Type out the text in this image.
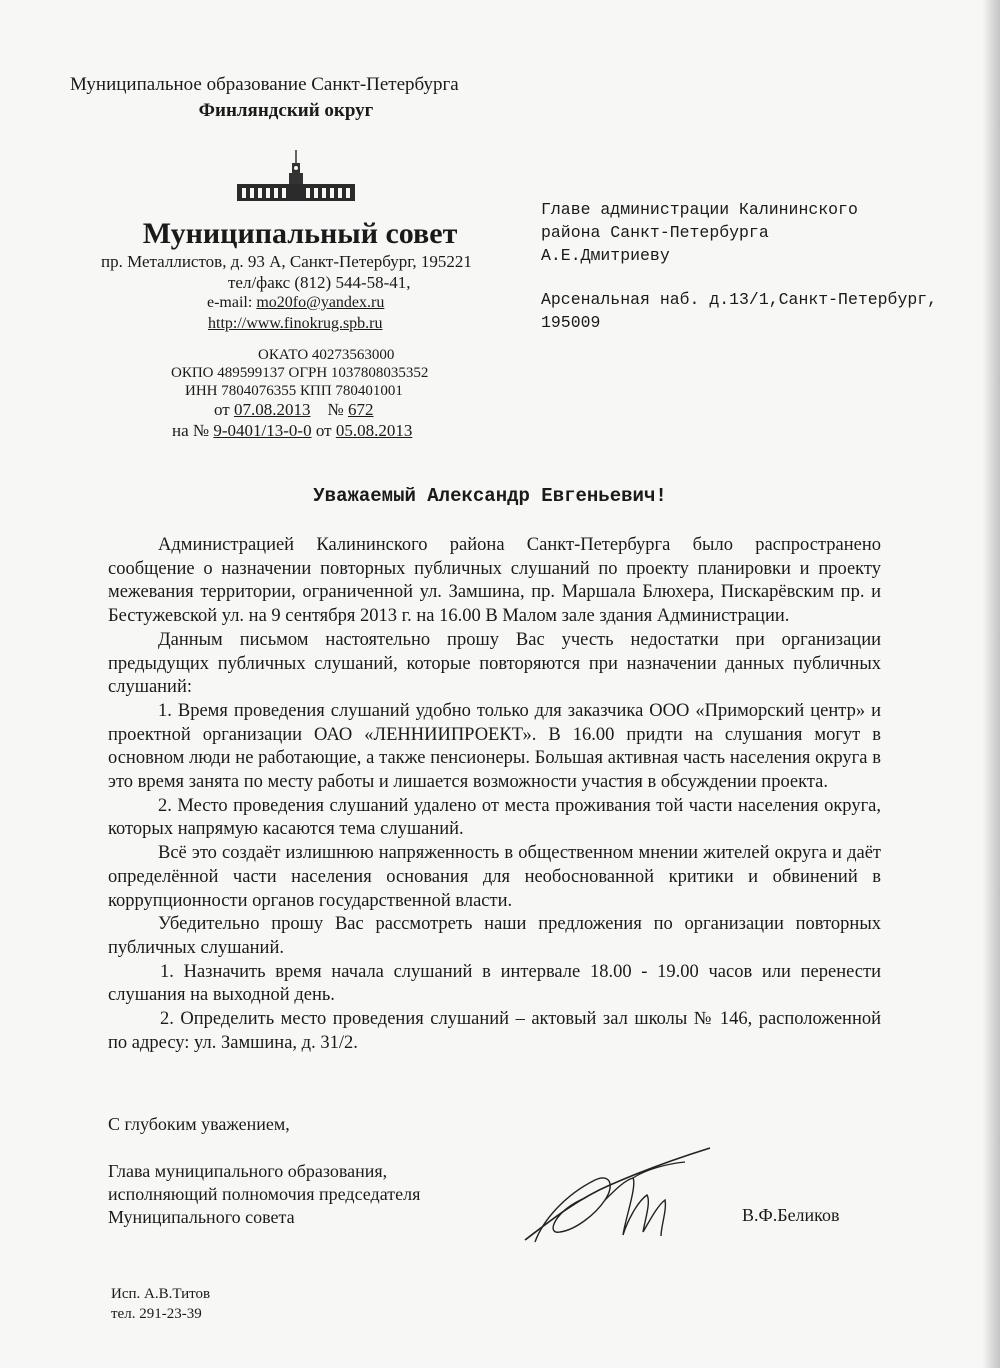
Муниципальное образование Санкт-Петербурга
Финляндский округ
Муниципальный совет
пр. Металлистов, д. 93 А, Санкт-Петербург, 195221
тел/факс (812) 544-58-41,
e-mail: mo20fo@yandex.ru
http://www.finokrug.spb.ru
ОКАТО 40273563000
ОКПО 489599137 ОГРН 1037808035352
ИНН 7804076355 КПП 780401001
от 07.08.2013 № 672
на № 9-0401/13-0-0 от 05.08.2013
Главе администрации Калининского
района Санкт-Петербурга
А.Е.Дмитриеву
Арсенальная наб. д.13/1,Санкт-Петербург,
195009
Уважаемый Александр Евгеньевич!

Администрацией Калининского района Санкт-Петербурга было распространено сообщение о назначении повторных публичных слушаний по проекту планировки и проекту межевания территории, ограниченной ул. Замшина, пр. Маршала Блюхера, Пискарёвским пр. и Бестужевской ул. на 9 сентября 2013 г. на 16.00 В Малом зале здания Администрации.

Данным письмом настоятельно прошу Вас учесть недостатки при организации предыдущих публичных слушаний, которые повторяются при назначении данных публичных слушаний:

1. Время проведения слушаний удобно только для заказчика ООО «Приморский центр» и проектной организации ОАО «ЛЕННИИПРОЕКТ». В 16.00 придти на слушания могут в основном люди не работающие, а также пенсионеры. Большая активная часть населения округа в это время занята по месту работы и лишается возможности участия в обсуждении проекта.

2. Место проведения слушаний удалено от места проживания той части населения округа, которых напрямую касаются тема слушаний.

Всё это создаёт излишнюю напряженность в общественном мнении жителей округа и даёт определённой части населения основания для необоснованной критики и обвинений в коррупционности органов государственной власти.

Убедительно прошу Вас рассмотреть наши предложения по организации повторных публичных слушаний.

1. Назначить время начала слушаний в интервале 18.00 - 19.00 часов или перенести слушания на выходной день.

2. Определить место проведения слушаний – актовый зал школы № 146, расположенной по адресу: ул. Замшина, д. 31/2.

С глубоким уважением,
Глава муниципального образования,
исполняющий полномочия председателя
Муниципального совета	В.Ф.Беликов
Исп. А.В.Титов
тел. 291-23-39
